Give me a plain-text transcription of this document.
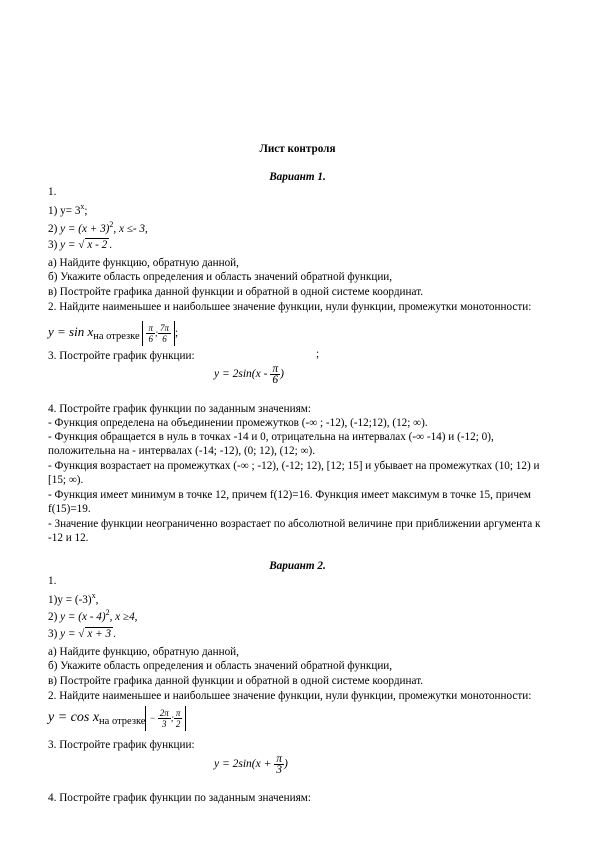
Лист контроля
Вариант 1.
1.
1) $y= 3^x$;
2) $y = (x + 3)^2$, x ≤- 3,
3) y = √ x - 2 .
а) Найдите функцию, обратную данной,
б) Укажите область определения и область значений обратной функции,
в) Постройте графика данной функции и обратной в одной системе координат.
2. Найдите наименьшее и наибольшее значение функции, нули функции, промежутки монотонности:
y = sin xна отрезке $\frac{\pi}{6}$ ; $\frac{7\pi}{6}$ ;
3. Постройте график функции:	;
$y = 2\sin(x - \frac{\pi}{6}$ )
4. Постройте график функции по заданным значениям:
- Функция определена на объединении промежутков (-∞ ; -12), (-12;12), (12; ∞).
- Функция обращается в нуль в точках -14 и 0, отрицательна на интервалах (-∞ -14) и (-12; 0),
положительна на - интервалах (-14; -12), (0; 12), (12; ∞).
- Функция возрастает на промежутках (-∞ ; -12), (-12; 12), [12; 15] и убывает на промежутках (10; 12) и
[15; ∞).
- Функция имеет минимум в точке 12, причем f(12)=16. Функция имеет максимум в точке 15, причем
f(15)=19.
- Значение функции неограниченно возрастает по абсолютной величине при приближении аргумента к
-12 и 12.
Вариант 2.
1.
$1)y = (-3)^x$,
2) y = (x - 4)$^2$, x ≥4,
3) y = √ x + 3 .
а) Найдите функцию, обратную данной,
б) Укажите область определения и область значений обратной функции,
в) Постройте графика данной функции и обратной в одной системе координат.
2. Найдите наименьшее и наибольшее значение функции, нули функции, промежутки монотонности:
y = cos xна отрезке − $\frac{2\pi}{3}$ ; $\frac{\pi}{2}$
3. Постройте график функции:
$y = 2\sin(x + \frac{\pi}{3}$ )
4. Постройте график функции по заданным значениям:
